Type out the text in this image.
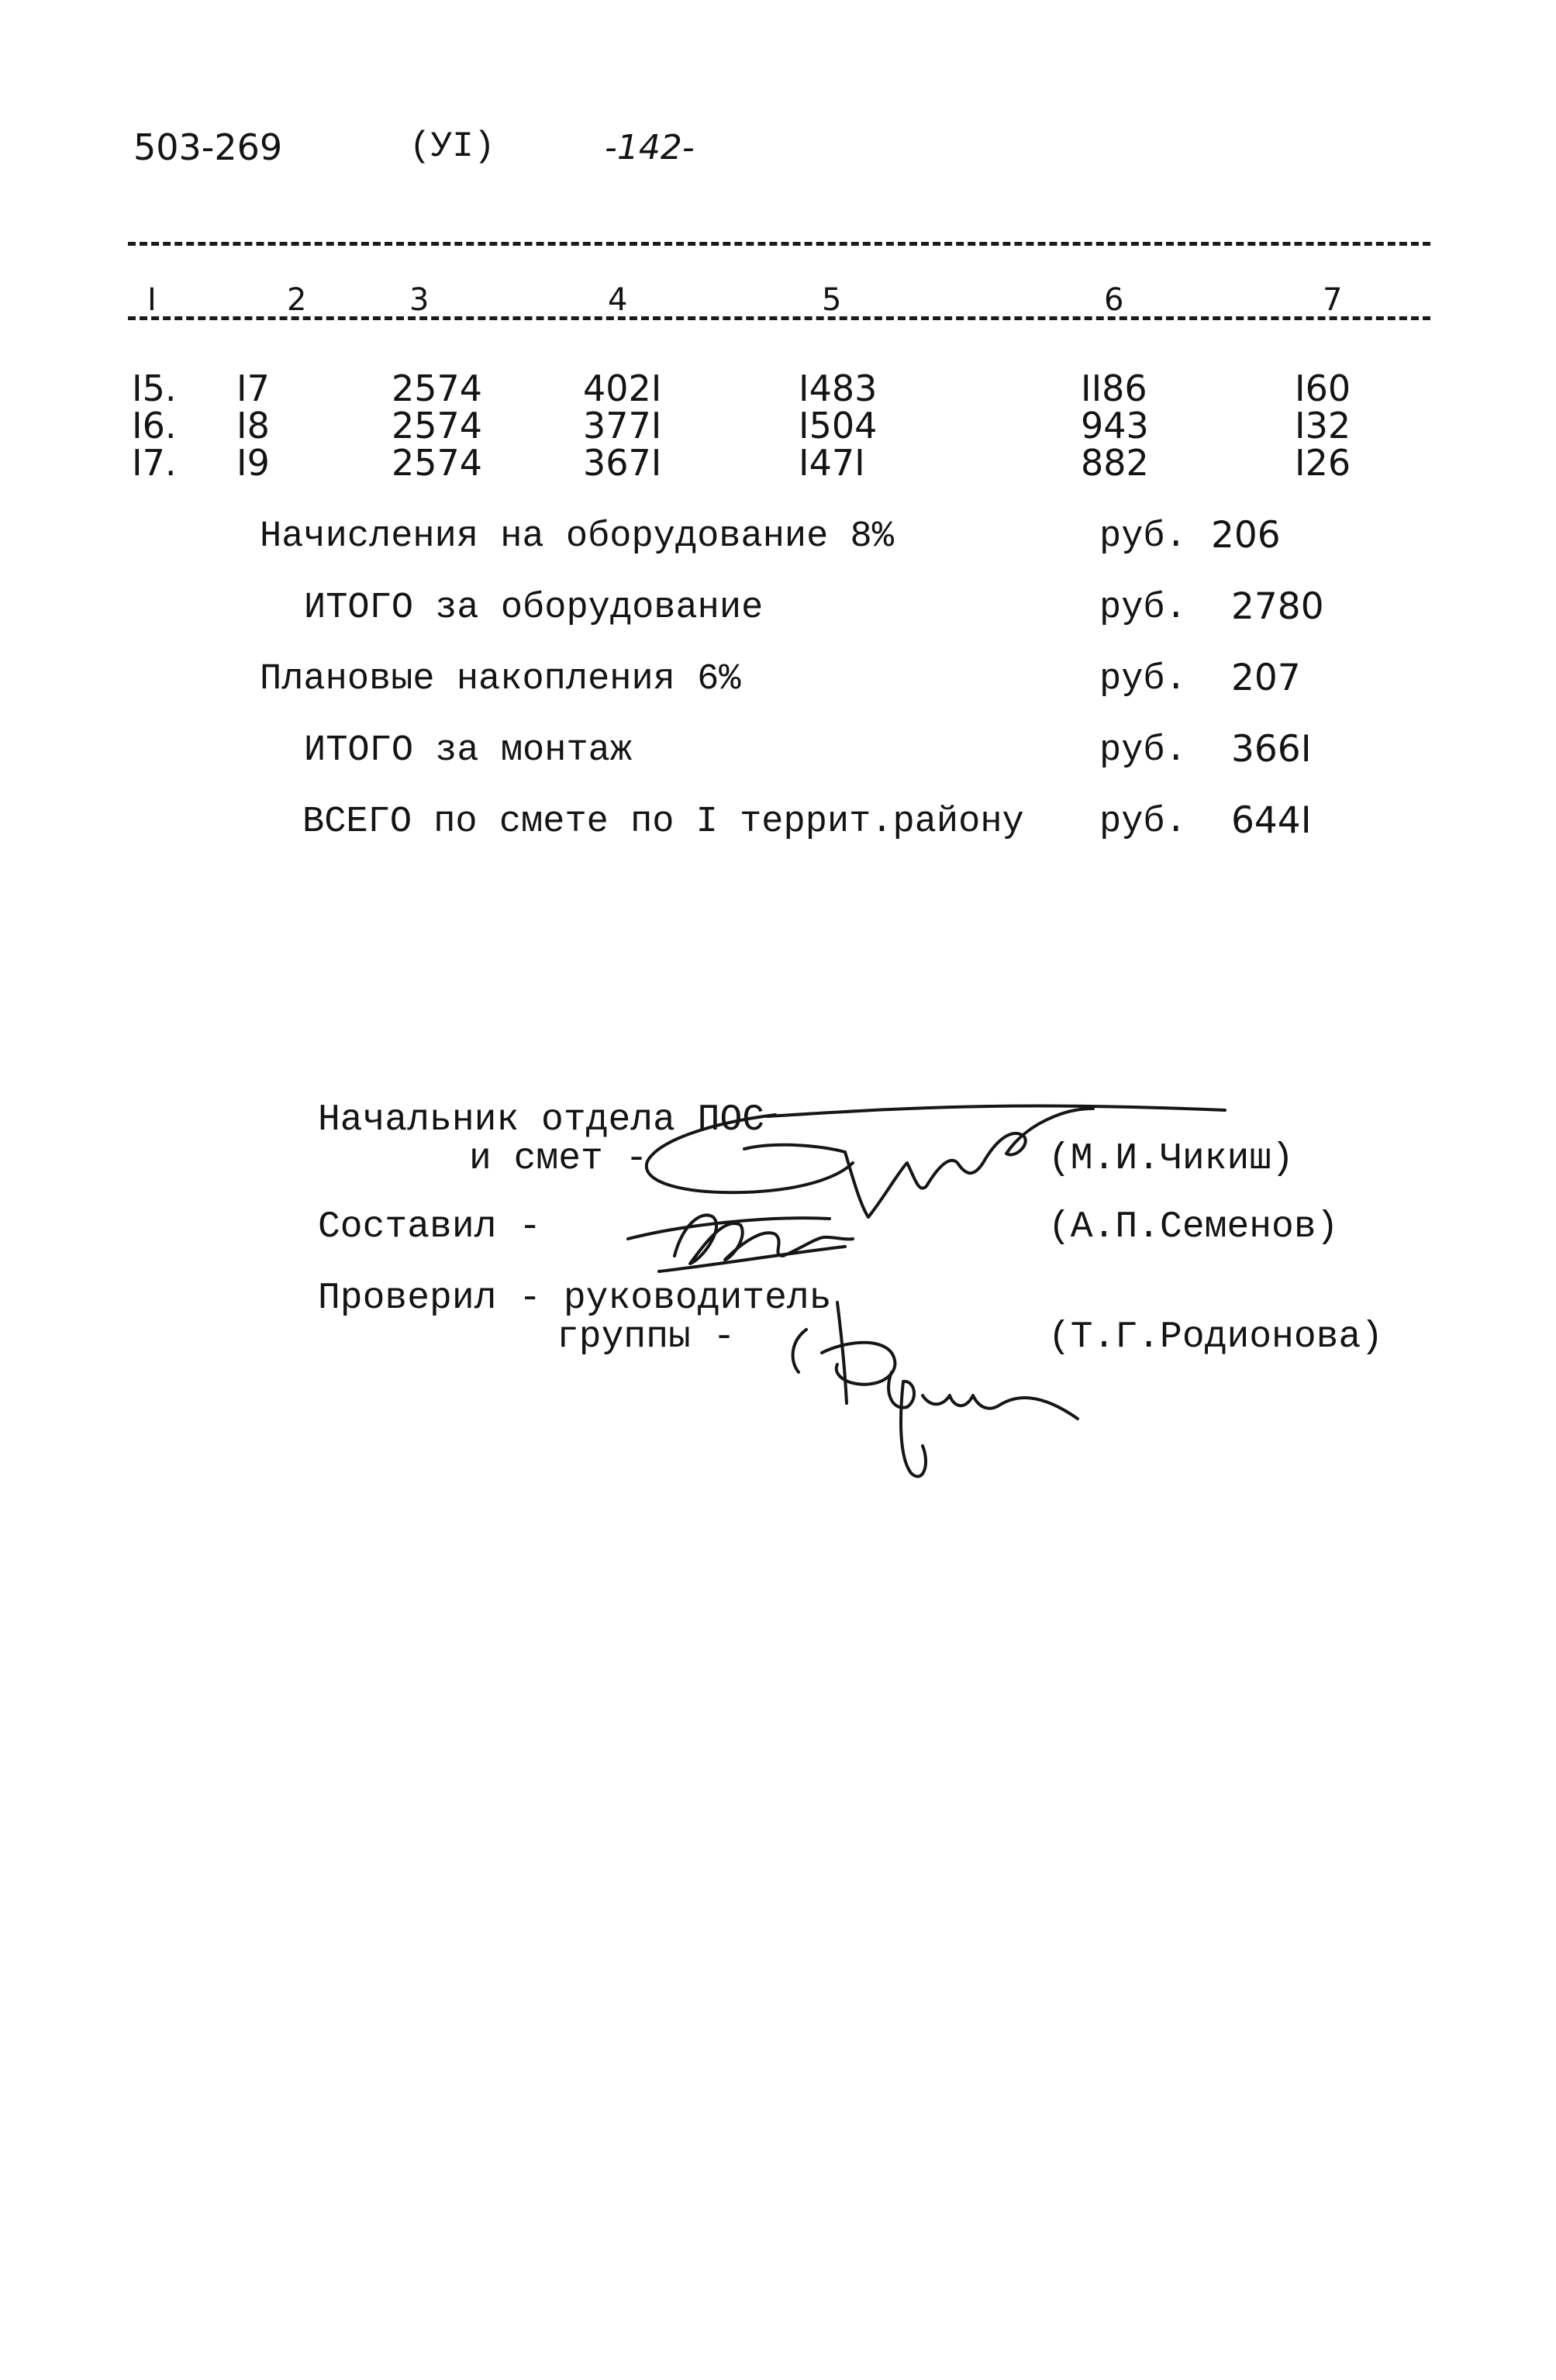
503-269	(УI)	-142-
I	2	3	4	5	6	7
I5. I7	2574	402I	I483	II86	I60
I6. I8	2574	377I	I504	943	I32
I7. I9	2574	367I	I47I	882	I26
Начисления на оборудование 8%	руб. 206
ИТОГО за оборудование	руб. 2780
Плановые накопления 6%	руб. 207
ИТОГО за монтаж	руб. 366I
ВСЕГО по смете по I террит.району руб. 644I
Начальник отдела ПОС
и смет -	(М.И.Чикиш)
Составил -	(А.П.Семенов)
Проверил - руководитель
группы -	(Т.Г.Родионова)
